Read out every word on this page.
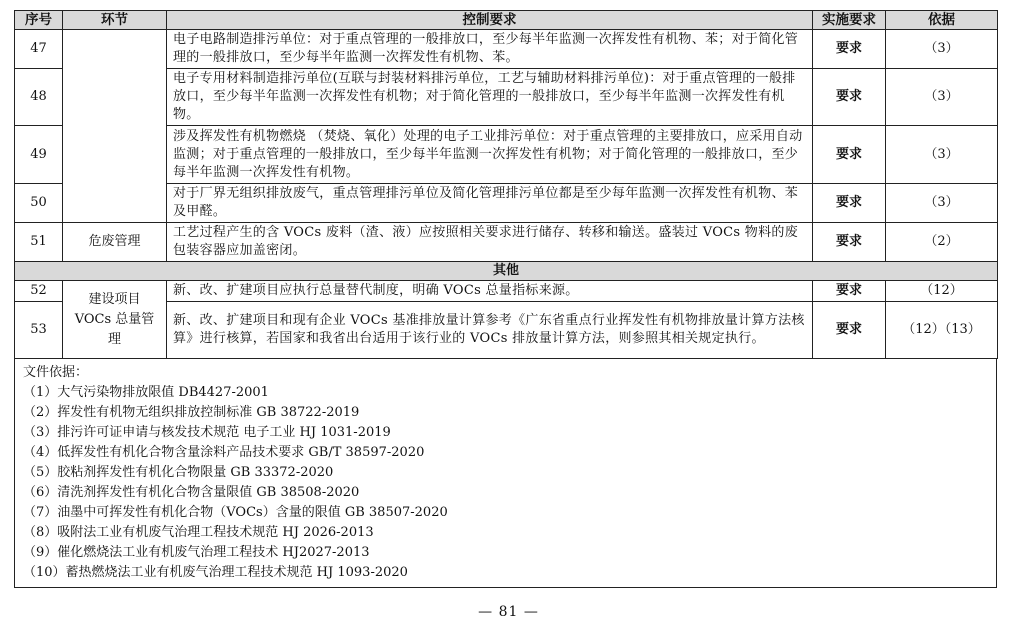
序号	环节	控制要求	实施要求	依据
47		电子电路制造排污单位：对于重点管理的一般排放口，至少每半年监测一次挥发性有机物、苯；对于简化管理的一般排放口，至少每半年监测一次挥发性有机物、苯。	要求	（3）
48		电子专用材料制造排污单位(互联与封装材料排污单位，工艺与辅助材料排污单位)：对于重点管理的一般排放口，至少每半年监测一次挥发性有机物；对于简化管理的一般排放口，至少每半年监测一次挥发性有机物。	要求	（3）
49		涉及挥发性有机物燃烧 （焚烧、氧化）处理的电子工业排污单位：对于重点管理的主要排放口，应采用自动监测；对于重点管理的一般排放口，至少每半年监测一次挥发性有机物；对于简化管理的一般排放口，至少每半年监测一次挥发性有机物。	要求	（3）
50		对于厂界无组织排放废气，重点管理排污单位及简化管理排污单位都是至少每年监测一次挥发性有机物、苯及甲醛。	要求	（3）
51	危废管理	工艺过程产生的含 VOCs 废料（渣、液）应按照相关要求进行储存、转移和输送。盛装过 VOCs 物料的废包装容器应加盖密闭。	要求	（2）
其他				
52	建设项目 VOCs 总量管理	新、改、扩建项目应执行总量替代制度，明确 VOCs 总量指标来源。	要求	（12）
53		新、改、扩建项目和现有企业 VOCs 基准排放量计算参考《广东省重点行业挥发性有机物排放量计算方法核算》进行核算，若国家和我省出台适用于该行业的 VOCs 排放量计算方法，则参照其相关规定执行。	要求	（12）（13）
文件依据：
（1）大气污染物排放限值 DB4427-2001
（2）挥发性有机物无组织排放控制标准 GB 38722-2019
（3）排污许可证申请与核发技术规范 电子工业 HJ 1031-2019
（4）低挥发性有机化合物含量涂料产品技术要求 GB/T 38597-2020
（5）胶粘剂挥发性有机化合物限量 GB 33372-2020
（6）清洗剂挥发性有机化合物含量限值 GB 38508-2020
（7）油墨中可挥发性有机化合物（VOCs）含量的限值 GB 38507-2020
（8）吸附法工业有机废气治理工程技术规范 HJ 2026-2013
（9）催化燃烧法工业有机废气治理工程技术 HJ2027-2013
（10）蓄热燃烧法工业有机废气治理工程技术规范 HJ 1093-2020
— 81 —
